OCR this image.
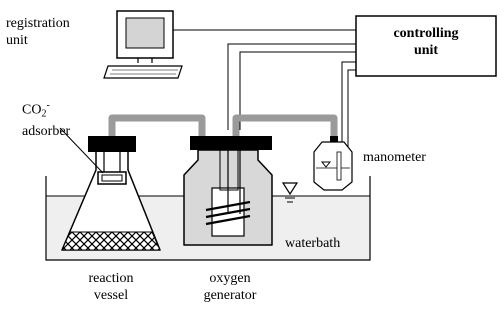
registration
unit	controlling
unit
$CO_2^-$
adsorber
manometer
waterbath
reaction
vessel
oxygen
generator
